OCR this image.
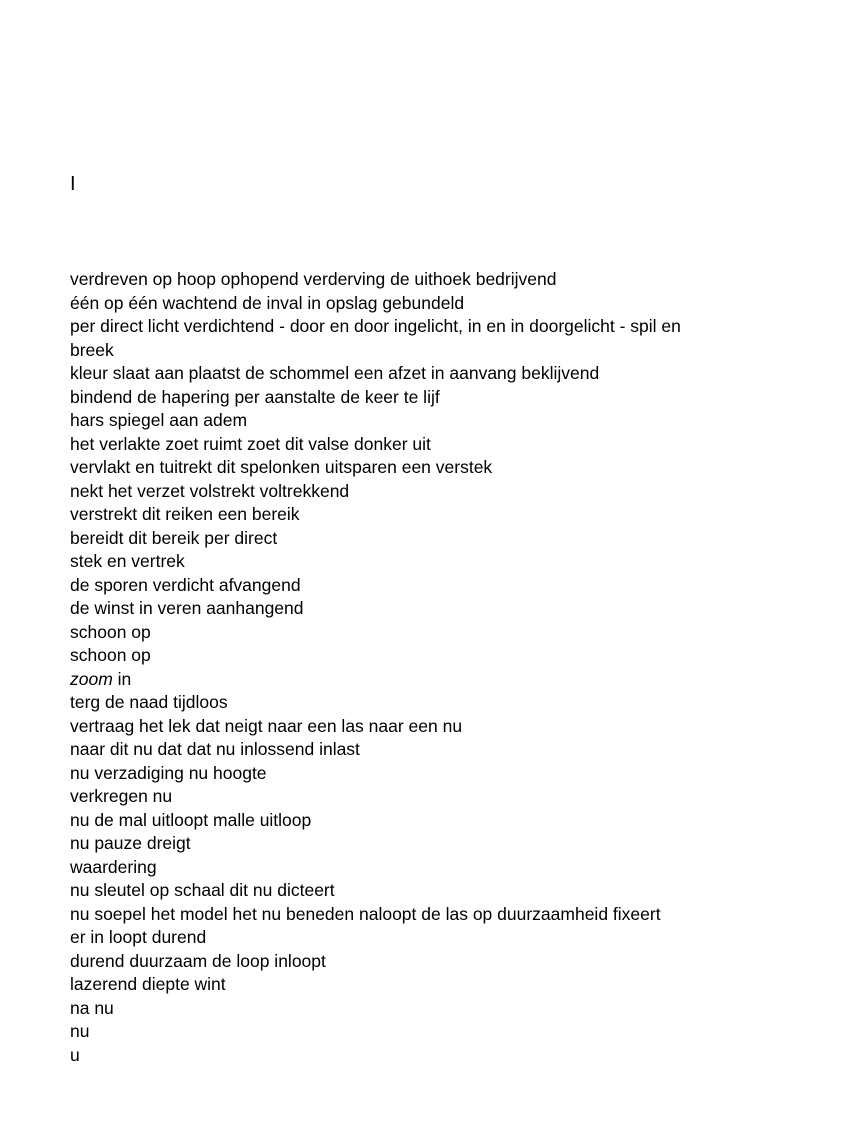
I
verdreven op hoop ophopend verderving de uithoek bedrijvend
één op één wachtend de inval in opslag gebundeld
per direct licht verdichtend - door en door ingelicht, in en in doorgelicht - spil en
breek
kleur slaat aan plaatst de schommel een afzet in aanvang beklijvend
bindend de hapering per aanstalte de keer te lijf
hars spiegel aan adem
het verlakte zoet ruimt zoet dit valse donker uit
vervlakt en tuitrekt dit spelonken uitsparen een verstek
nekt het verzet volstrekt voltrekkend
verstrekt dit reiken een bereik
bereidt dit bereik per direct
stek en vertrek
de sporen verdicht afvangend
de winst in veren aanhangend
schoon op
schoon op
zoom in
terg de naad tijdloos
vertraag het lek dat neigt naar een las naar een nu
naar dit nu dat dat nu inlossend inlast
nu verzadiging nu hoogte
verkregen nu
nu de mal uitloopt malle uitloop
nu pauze dreigt
waardering
nu sleutel op schaal dit nu dicteert
nu soepel het model het nu beneden naloopt de las op duurzaamheid fixeert
er in loopt durend
durend duurzaam de loop inloopt
lazerend diepte wint
na nu
nu
u
